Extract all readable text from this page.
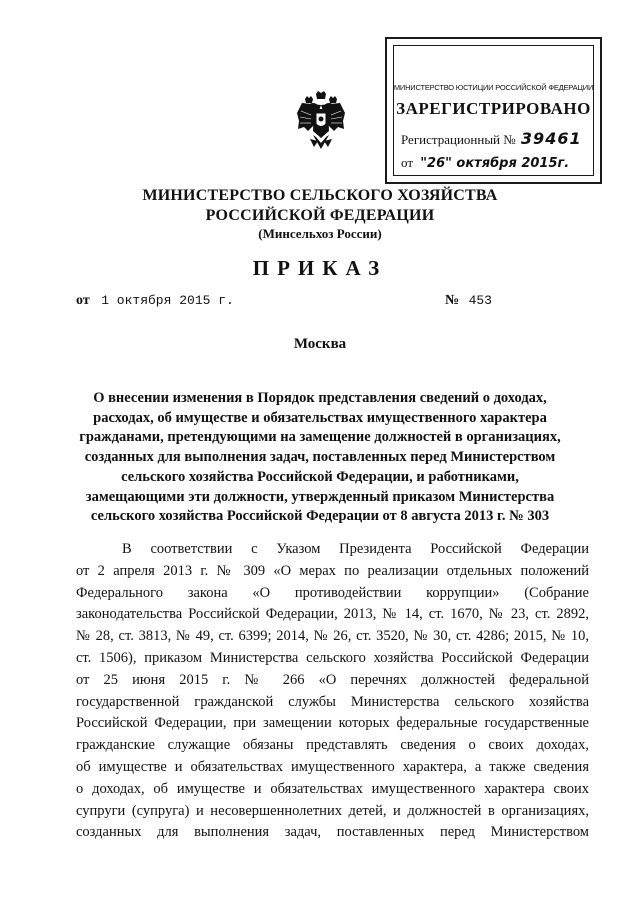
МИНИСТЕРСТВО ЮСТИЦИИ РОССИЙСКОЙ ФЕДЕРАЦИИ
ЗАРЕГИСТРИРОВАНО
Регистрационный № 39461
от "26" октября 2015г.
МИНИСТЕРСТВО СЕЛЬСКОГО ХОЗЯЙСТВА
РОССИЙСКОЙ ФЕДЕРАЦИИ
(Минсельхоз России)
ПРИКАЗ
от 1 октября 2015 г.	№ 453
Москва
О внесении изменения в Порядок представления сведений о доходах,
расходах, об имуществе и обязательствах имущественного характера
гражданами, претендующими на замещение должностей в организациях,
созданных для выполнения задач, поставленных перед Министерством
сельского хозяйства Российской Федерации, и работниками,
замещающими эти должности, утвержденный приказом Министерства
сельского хозяйства Российской Федерации от 8 августа 2013 г. № 303
В соответствии с Указом Президента Российской Федерации
от 2 апреля 2013 г. № 309 «О мерах по реализации отдельных положений
Федерального закона «О противодействии коррупции» (Собрание
законодательства Российской Федерации, 2013, № 14, ст. 1670, № 23, ст. 2892,
№ 28, ст. 3813, № 49, ст. 6399; 2014, № 26, ст. 3520, № 30, ст. 4286; 2015, № 10,
ст. 1506), приказом Министерства сельского хозяйства Российской Федерации
от 25 июня 2015 г. № 266 «О перечнях должностей федеральной
государственной гражданской службы Министерства сельского хозяйства
Российской Федерации, при замещении которых федеральные государственные
гражданские служащие обязаны представлять сведения о своих доходах,
об имуществе и обязательствах имущественного характера, а также сведения
о доходах, об имуществе и обязательствах имущественного характера своих
супруги (супруга) и несовершеннолетних детей, и должностей в организациях,
созданных для выполнения задач, поставленных перед Министерством
